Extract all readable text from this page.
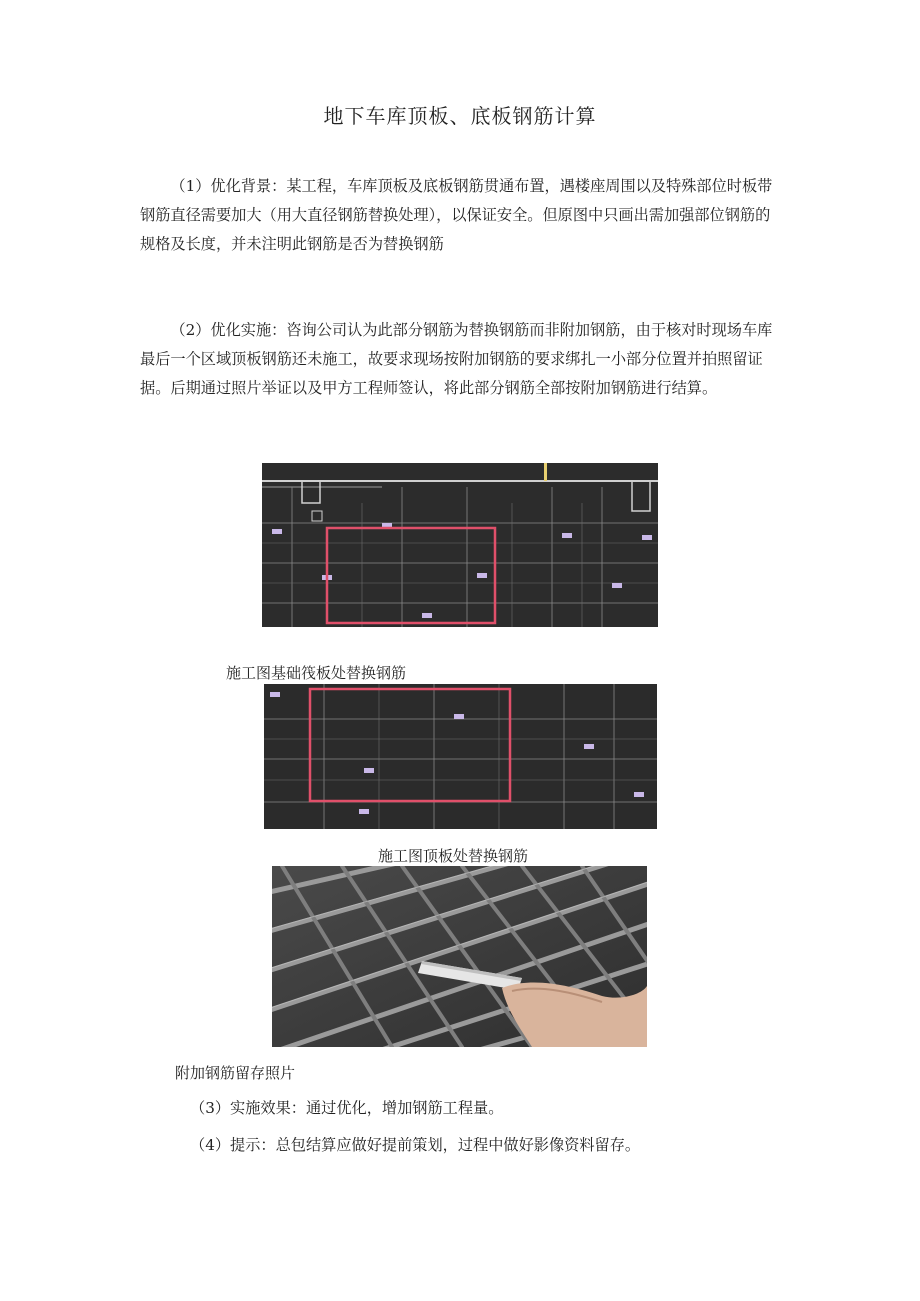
地下车库顶板、底板钢筋计算

（1）优化背景：某工程，车库顶板及底板钢筋贯通布置，遇楼座周围以及特殊部位时板带钢筋直径需要加大（用大直径钢筋替换处理），以保证安全。但原图中只画出需加强部位钢筋的规格及长度，并未注明此钢筋是否为替换钢筋

（2）优化实施：咨询公司认为此部分钢筋为替换钢筋而非附加钢筋，由于核对时现场车库最后一个区域顶板钢筋还未施工，故要求现场按附加钢筋的要求绑扎一小部分位置并拍照留证据。后期通过照片举证以及甲方工程师签认，将此部分钢筋全部按附加钢筋进行结算。

施工图基础筏板处替换钢筋
施工图顶板处替换钢筋
附加钢筋留存照片
（3）实施效果：通过优化，增加钢筋工程量。
（4）提示：总包结算应做好提前策划，过程中做好影像资料留存。
